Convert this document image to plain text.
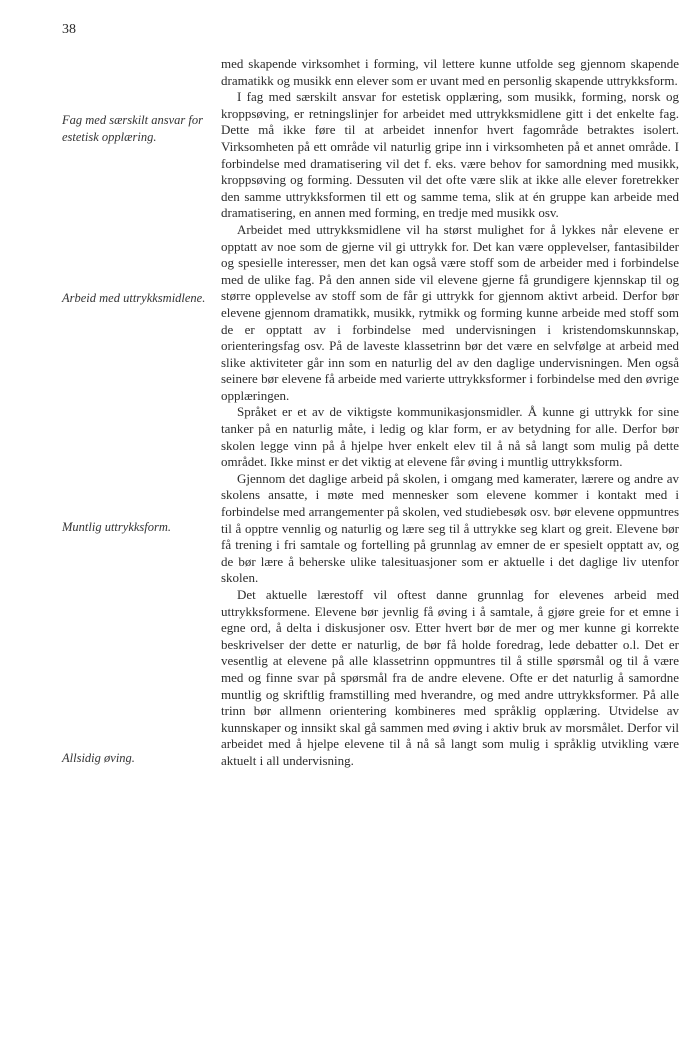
38
Fag med særskilt ansvar for estetisk opplæring.
Arbeid med uttrykksmidlene.
Muntlig uttrykksform.
Allsidig øving.

med skapende virksomhet i forming, vil lettere kunne utfolde seg gjennom skapende dramatikk og musikk enn elever som er uvant med en personlig skapende uttrykksform.

I fag med særskilt ansvar for estetisk opplæring, som musikk, forming, norsk og kroppsøving, er retningslinjer for arbeidet med uttrykksmidlene gitt i det enkelte fag. Dette må ikke føre til at arbeidet innenfor hvert fagområde betraktes isolert. Virksomheten på ett område vil naturlig gripe inn i virksomheten på et annet område. I forbindelse med dramatisering vil det f. eks. være behov for samordning med musikk, kroppsøving og forming. Dessuten vil det ofte være slik at ikke alle elever foretrekker den samme uttrykksformen til ett og samme tema, slik at én gruppe kan arbeide med dramatisering, en annen med forming, en tredje med musikk osv.

Arbeidet med uttrykksmidlene vil ha størst mulighet for å lykkes når elevene er opptatt av noe som de gjerne vil gi uttrykk for. Det kan være opplevelser, fantasibilder og spesielle interesser, men det kan også være stoff som de arbeider med i forbindelse med de ulike fag. På den annen side vil elevene gjerne få grundigere kjennskap til og større opplevelse av stoff som de får gi uttrykk for gjennom aktivt arbeid. Derfor bør elevene gjennom dramatikk, musikk, rytmikk og forming kunne arbeide med stoff som de er opptatt av i forbindelse med undervisningen i kristendomskunnskap, orienteringsfag osv. På de laveste klassetrinn bør det være en selvfølge at arbeid med slike aktiviteter går inn som en naturlig del av den daglige undervisningen. Men også seinere bør elevene få arbeide med varierte uttrykksformer i forbindelse med den øvrige opplæringen.

Språket er et av de viktigste kommunikasjonsmidler. Å kunne gi uttrykk for sine tanker på en naturlig måte, i ledig og klar form, er av betydning for alle. Derfor bør skolen legge vinn på å hjelpe hver enkelt elev til å nå så langt som mulig på dette området. Ikke minst er det viktig at elevene får øving i muntlig uttrykksform.

Gjennom det daglige arbeid på skolen, i omgang med kamerater, lærere og andre av skolens ansatte, i møte med mennesker som elevene kommer i kontakt med i forbindelse med arrangementer på skolen, ved studiebesøk osv. bør elevene oppmuntres til å opptre vennlig og naturlig og lære seg til å uttrykke seg klart og greit. Elevene bør få trening i fri samtale og fortelling på grunnlag av emner de er spesielt opptatt av, og de bør lære å beherske ulike talesituasjoner som er aktuelle i det daglige liv utenfor skolen.

Det aktuelle lærestoff vil oftest danne grunnlag for elevenes arbeid med uttrykksformene. Elevene bør jevnlig få øving i å samtale, å gjøre greie for et emne i egne ord, å delta i diskusjoner osv. Etter hvert bør de mer og mer kunne gi korrekte beskrivelser der dette er naturlig, de bør få holde foredrag, lede debatter o.l. Det er vesentlig at elevene på alle klassetrinn oppmuntres til å stille spørsmål og til å være med og finne svar på spørsmål fra de andre elevene. Ofte er det naturlig å samordne muntlig og skriftlig framstilling med hverandre, og med andre uttrykksformer. På alle trinn bør allmenn orientering kombineres med språklig opplæring. Utvidelse av kunnskaper og innsikt skal gå sammen med øving i aktiv bruk av morsmålet. Derfor vil arbeidet med å hjelpe elevene til å nå så langt som mulig i språklig utvikling være aktuelt i all undervisning.
